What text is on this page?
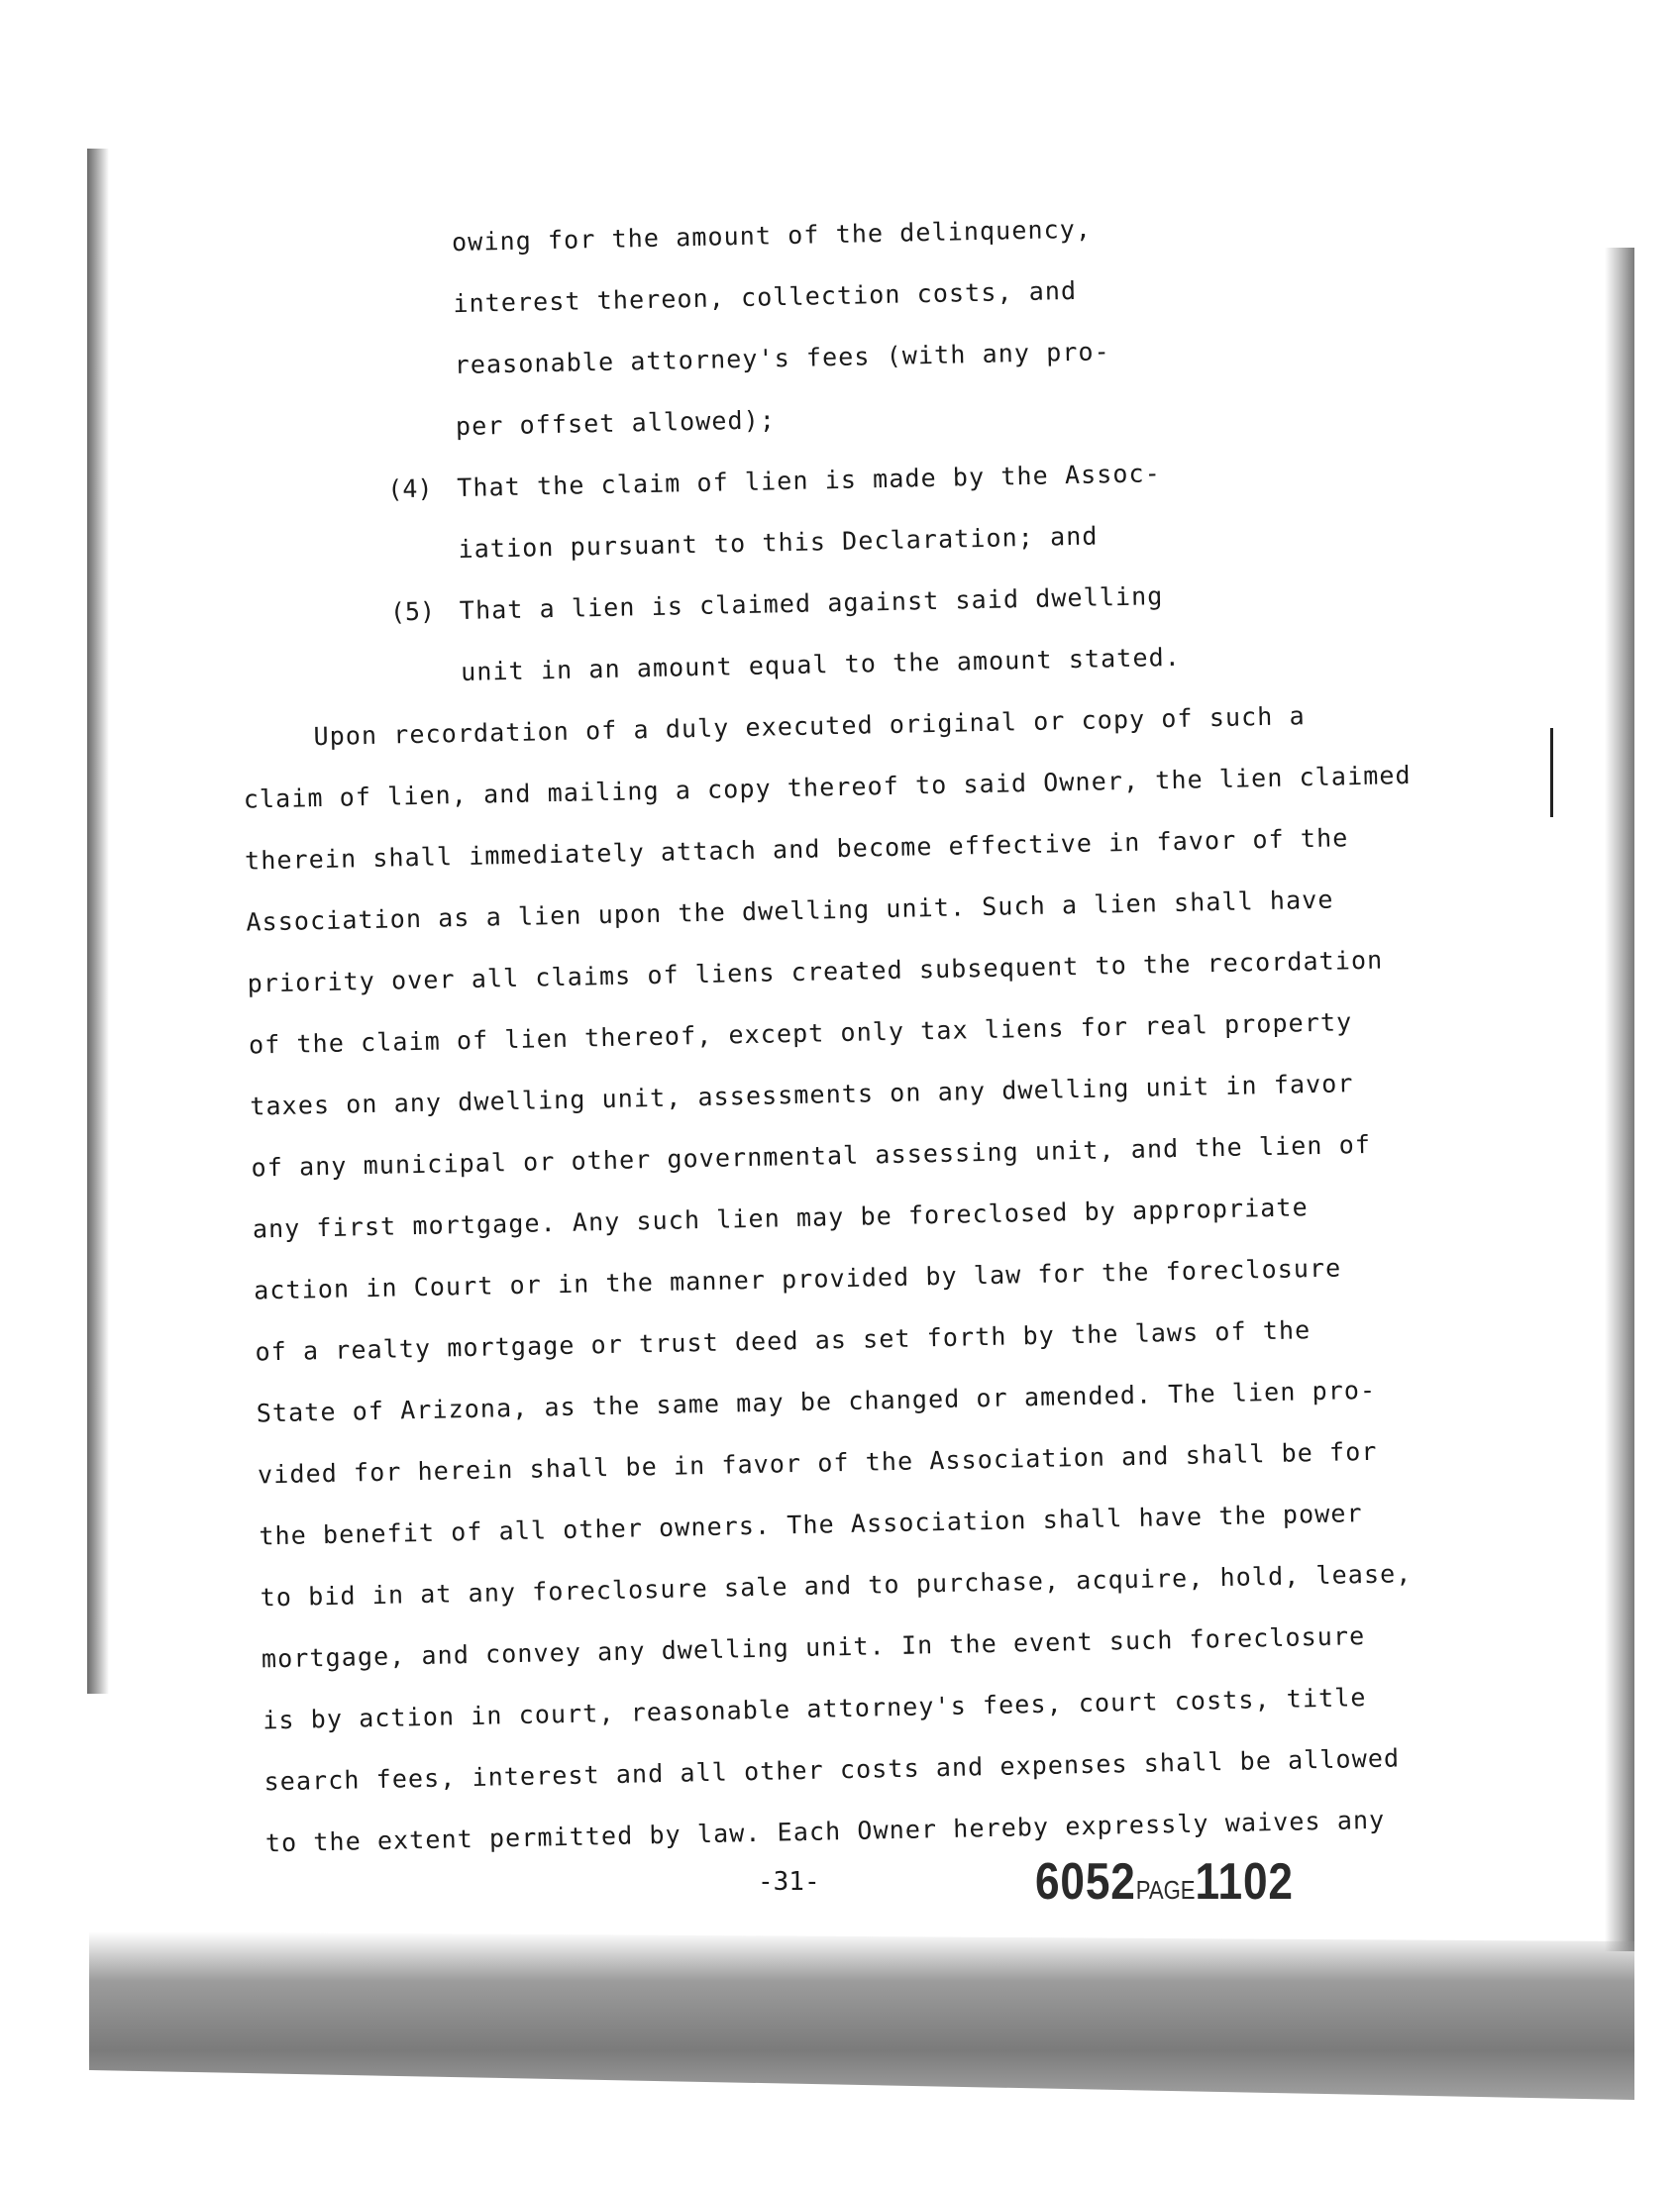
owing for the amount of the delinquency,
interest thereon, collection costs, and
reasonable attorney's fees (with any pro-
per offset allowed);
(4) That the claim of lien is made by the Assoc-
iation pursuant to this Declaration; and
(5) That a lien is claimed against said dwelling
unit in an amount equal to the amount stated.
Upon recordation of a duly executed original or copy of such a
claim of lien, and mailing a copy thereof to said Owner, the lien claimed
therein shall immediately attach and become effective in favor of the
Association as a lien upon the dwelling unit. Such a lien shall have
priority over all claims of liens created subsequent to the recordation
of the claim of lien thereof, except only tax liens for real property
taxes on any dwelling unit, assessments on any dwelling unit in favor
of any municipal or other governmental assessing unit, and the lien of
any first mortgage. Any such lien may be foreclosed by appropriate
action in Court or in the manner provided by law for the foreclosure
of a realty mortgage or trust deed as set forth by the laws of the
State of Arizona, as the same may be changed or amended. The lien pro-
vided for herein shall be in favor of the Association and shall be for
the benefit of all other owners. The Association shall have the power
to bid in at any foreclosure sale and to purchase, acquire, hold, lease,
mortgage, and convey any dwelling unit. In the event such foreclosure
is by action in court, reasonable attorney's fees, court costs, title
search fees, interest and all other costs and expenses shall be allowed
to the extent permitted by law. Each Owner hereby expressly waives any
-31-	6052PAGE1102
